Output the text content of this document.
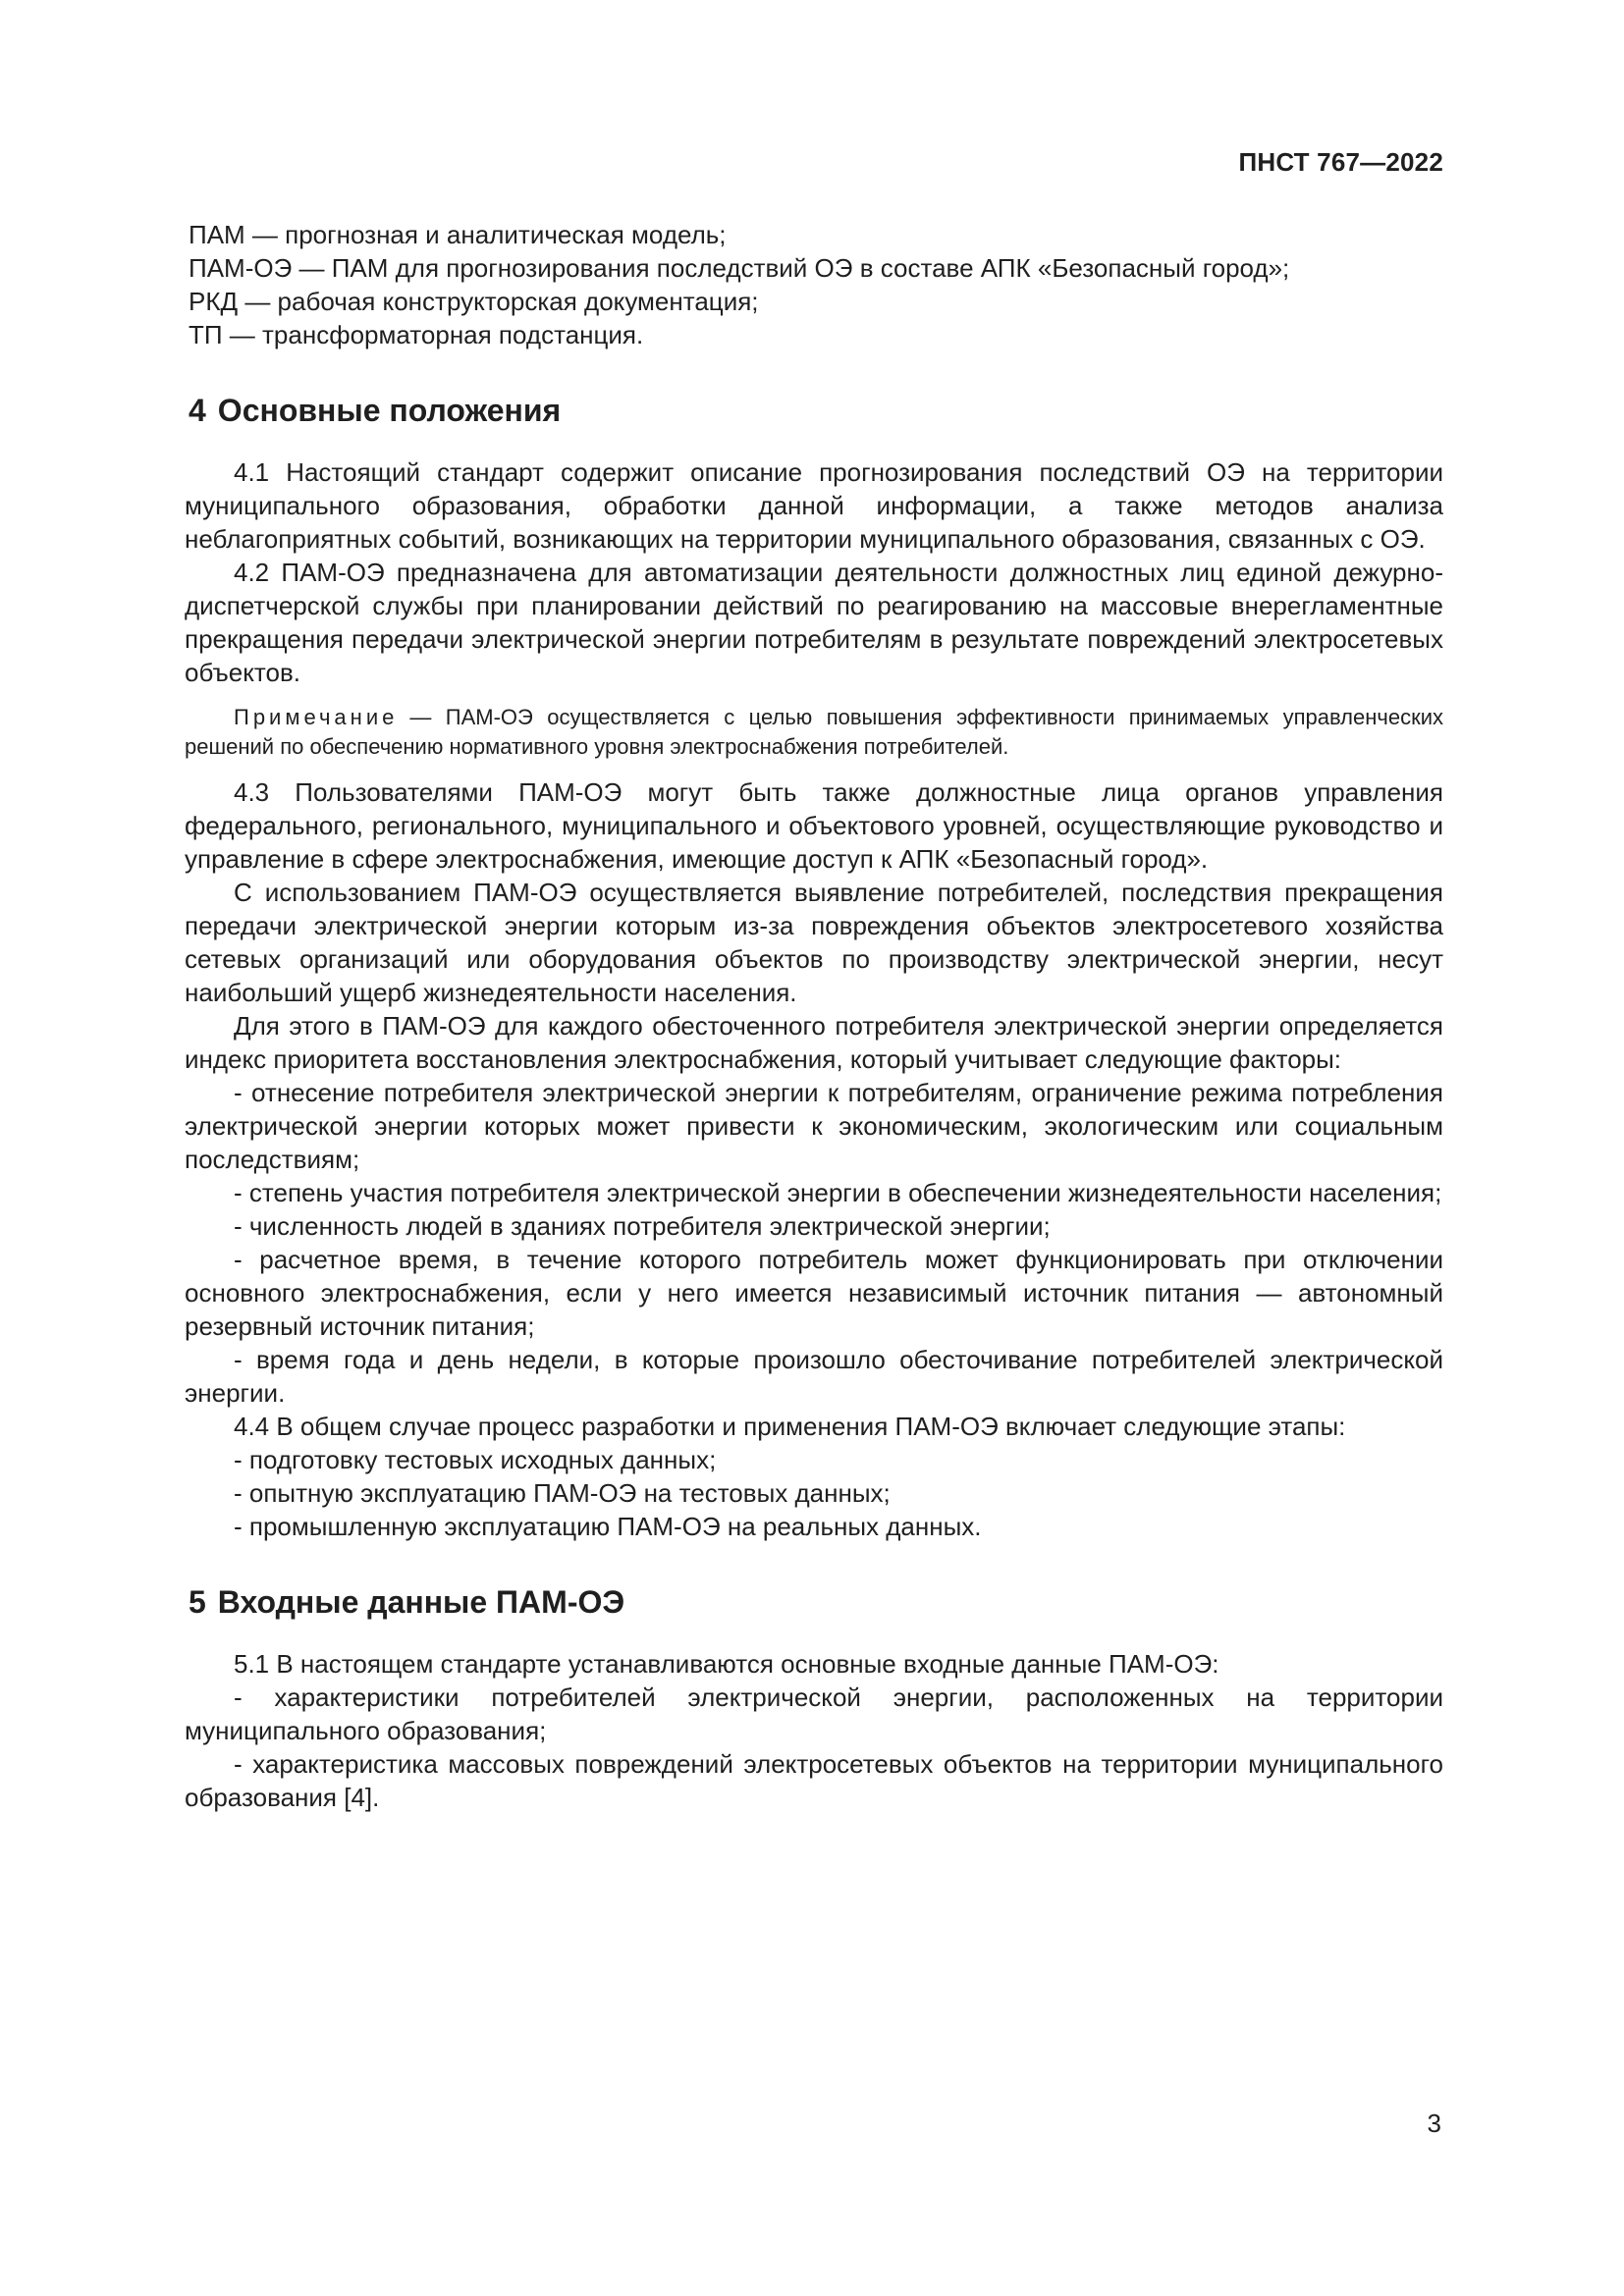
ПНСТ 767—2022

ПАМ — прогнозная и аналитическая модель;

ПАМ-ОЭ — ПАМ для прогнозирования последствий ОЭ в составе АПК «Безопасный город»;

РКД — рабочая конструкторская документация;

ТП — трансформаторная подстанция.

4 Основные положения

4.1 Настоящий стандарт содержит описание прогнозирования последствий ОЭ на территории муниципального образования, обработки данной информации, а также методов анализа неблагоприятных событий, возникающих на территории муниципального образования, связанных с ОЭ.

4.2 ПАМ-ОЭ предназначена для автоматизации деятельности должностных лиц единой дежурно-диспетчерской службы при планировании действий по реагированию на массовые внерегламентные прекращения передачи электрической энергии потребителям в результате повреждений электросетевых объектов.

Примечание — ПАМ-ОЭ осуществляется с целью повышения эффективности принимаемых управленческих решений по обеспечению нормативного уровня электроснабжения потребителей.

4.3 Пользователями ПАМ-ОЭ могут быть также должностные лица органов управления федерального, регионального, муниципального и объектового уровней, осуществляющие руководство и управление в сфере электроснабжения, имеющие доступ к АПК «Безопасный город».

С использованием ПАМ-ОЭ осуществляется выявление потребителей, последствия прекращения передачи электрической энергии которым из-за повреждения объектов электросетевого хозяйства сетевых организаций или оборудования объектов по производству электрической энергии, несут наибольший ущерб жизнедеятельности населения.

Для этого в ПАМ-ОЭ для каждого обесточенного потребителя электрической энергии определяется индекс приоритета восстановления электроснабжения, который учитывает следующие факторы:

- отнесение потребителя электрической энергии к потребителям, ограничение режима потребления электрической энергии которых может привести к экономическим, экологическим или социальным последствиям;

- степень участия потребителя электрической энергии в обеспечении жизнедеятельности населения;

- численность людей в зданиях потребителя электрической энергии;

- расчетное время, в течение которого потребитель может функционировать при отключении основного электроснабжения, если у него имеется независимый источник питания — автономный резервный источник питания;

- время года и день недели, в которые произошло обесточивание потребителей электрической энергии.

4.4 В общем случае процесс разработки и применения ПАМ-ОЭ включает следующие этапы:

- подготовку тестовых исходных данных;

- опытную эксплуатацию ПАМ-ОЭ на тестовых данных;

- промышленную эксплуатацию ПАМ-ОЭ на реальных данных.

5 Входные данные ПАМ-ОЭ

5.1 В настоящем стандарте устанавливаются основные входные данные ПАМ-ОЭ:

- характеристики потребителей электрической энергии, расположенных на территории муниципального образования;

- характеристика массовых повреждений электросетевых объектов на территории муниципального образования [4].

3
